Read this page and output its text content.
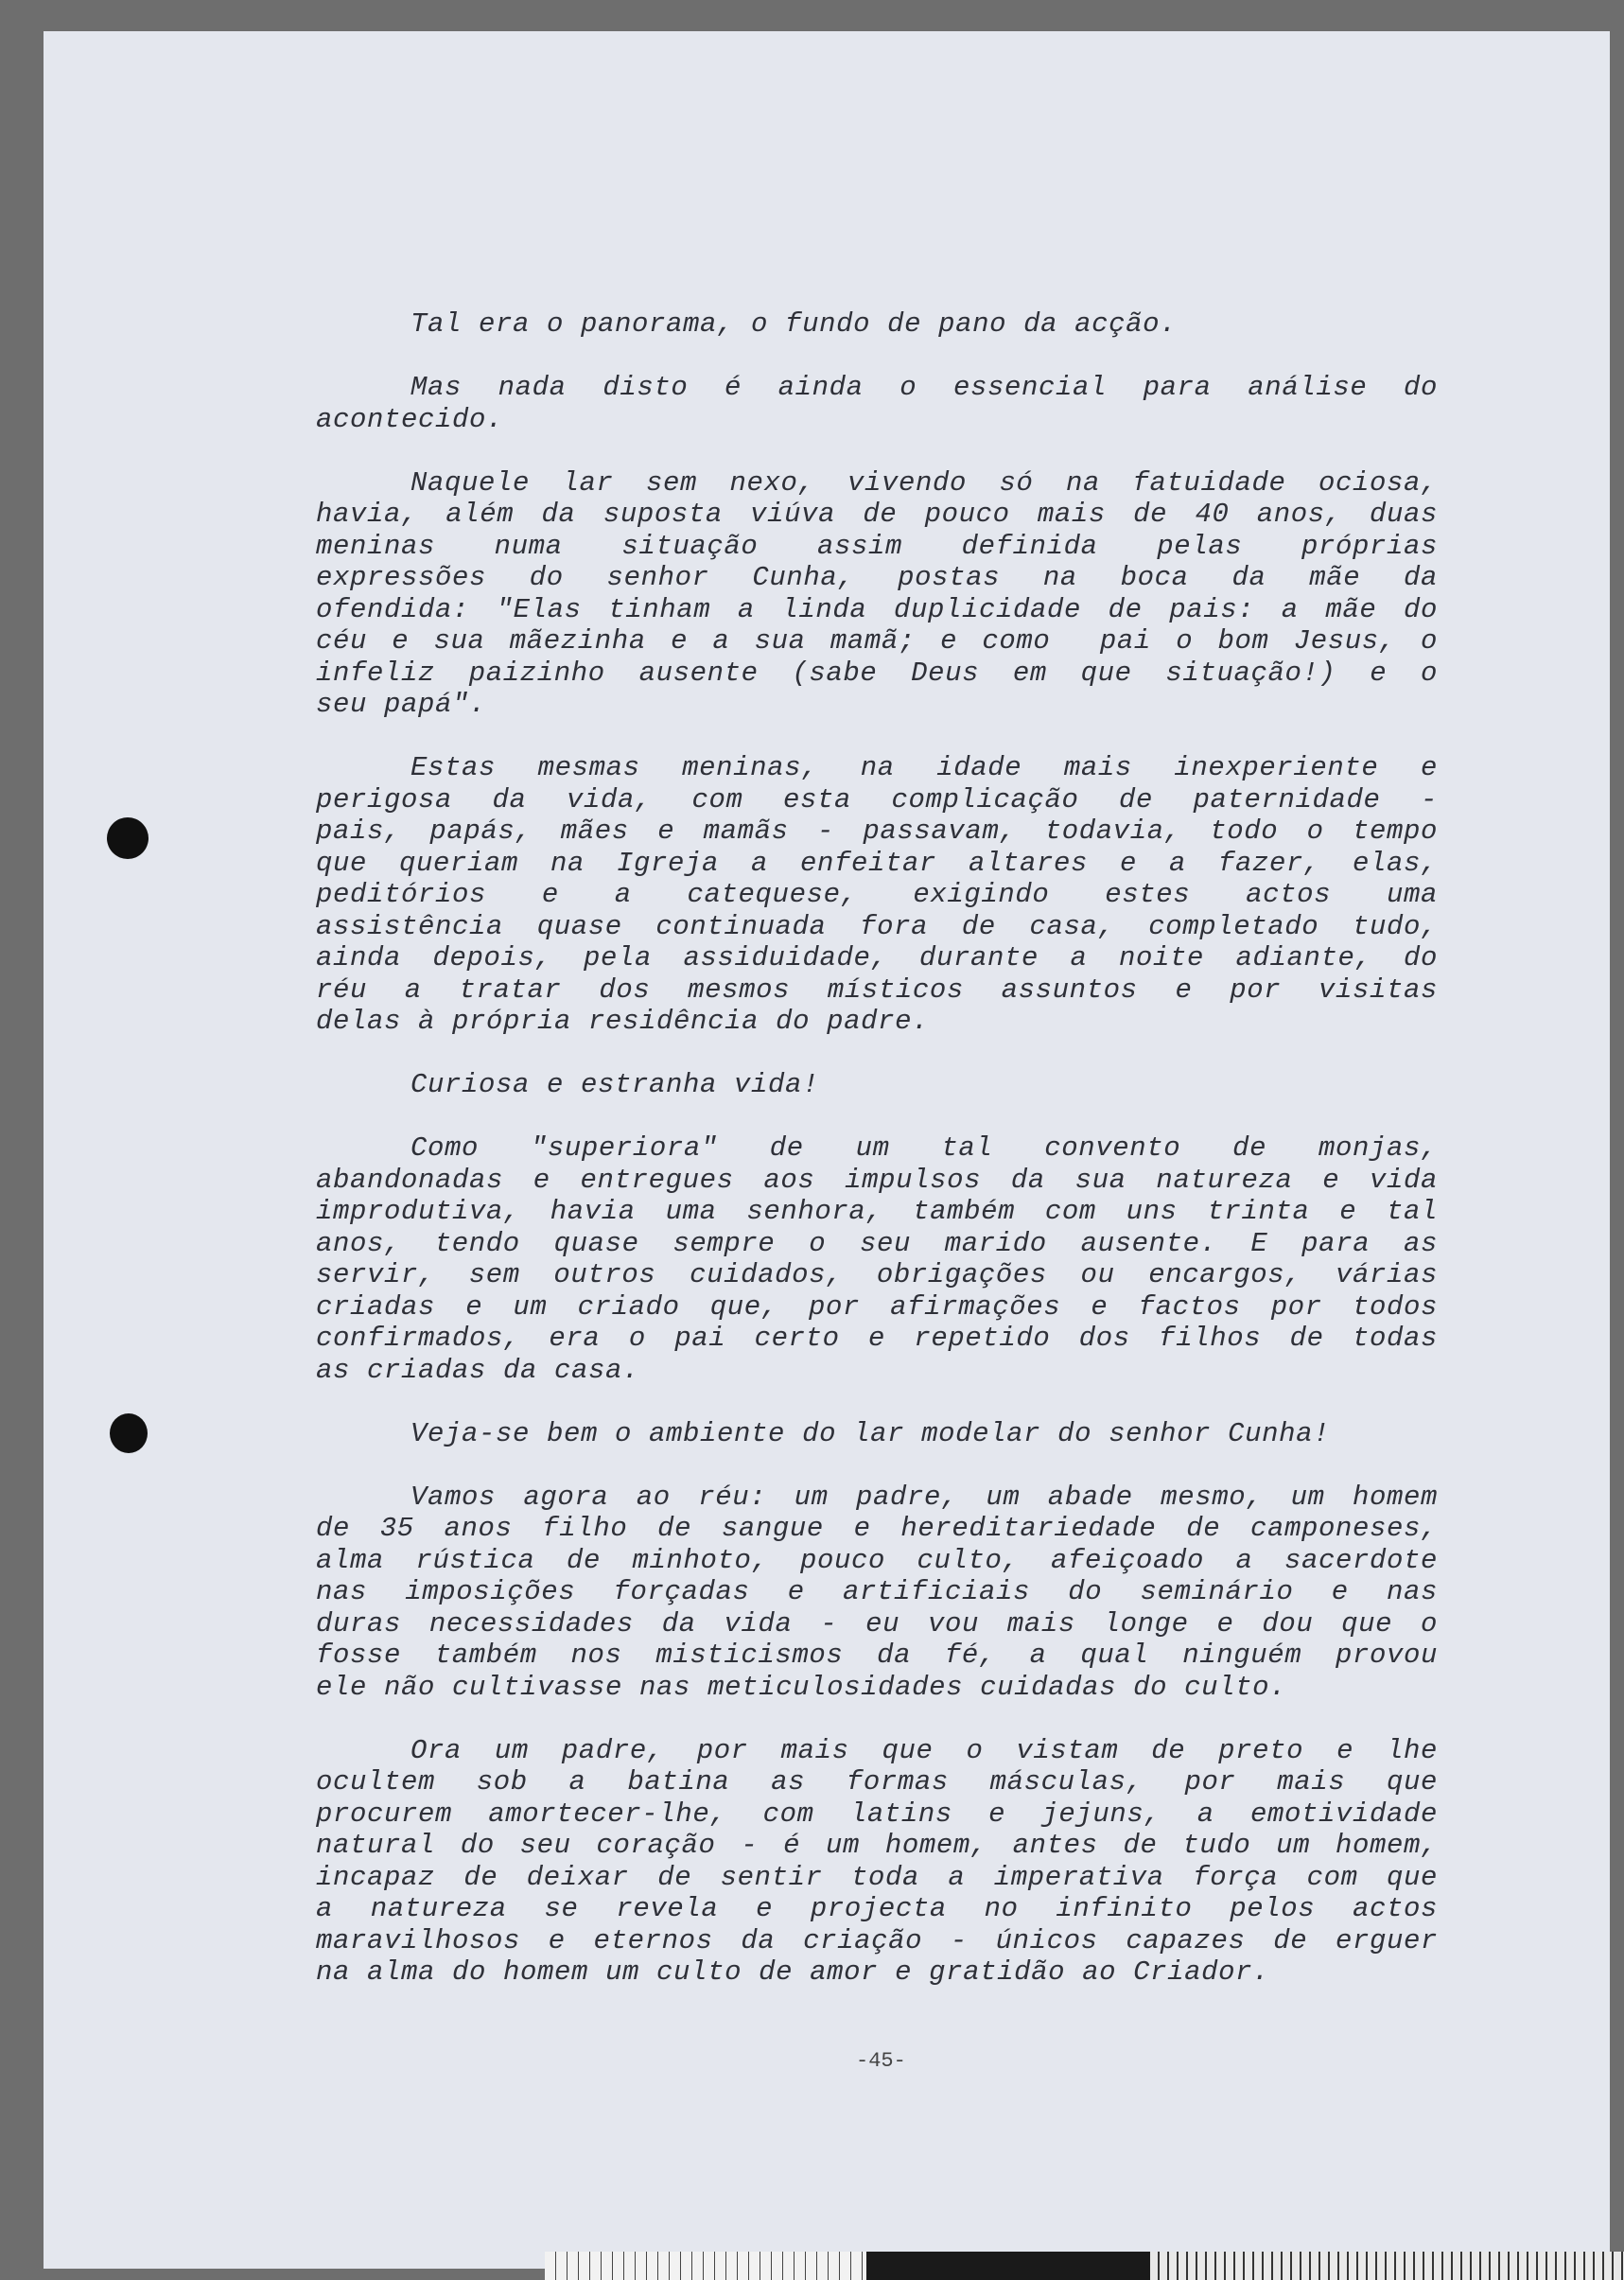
Tal era o panorama, o fundo de pano da acção.
Mas nada disto é ainda o essencial para análise do
acontecido.
Naquele lar sem nexo, vivendo só na fatuidade ociosa,
havia, além da suposta viúva de pouco mais de 40 anos, duas
meninas numa situação assim definida pelas próprias
expressões do senhor Cunha, postas na boca da mãe da
ofendida: "Elas tinham a linda duplicidade de pais: a mãe do
céu e sua mãezinha e a sua mamã; e como  pai o bom Jesus, o
infeliz paizinho ausente (sabe Deus em que situação!) e o
seu papá".
Estas mesmas meninas, na idade mais inexperiente e
perigosa da vida, com esta complicação de paternidade -
pais, papás, mães e mamãs - passavam, todavia, todo o tempo
que queriam na Igreja a enfeitar altares e a fazer, elas,
peditórios e a catequese, exigindo estes actos uma
assistência quase continuada fora de casa, completado tudo,
ainda depois, pela assiduidade, durante a noite adiante, do
réu a tratar dos mesmos místicos assuntos e por visitas
delas à própria residência do padre.
Curiosa e estranha vida!
Como "superiora" de um tal convento de monjas,
abandonadas e entregues aos impulsos da sua natureza e vida
improdutiva, havia uma senhora, também com uns trinta e tal
anos, tendo quase sempre o seu marido ausente. E para as
servir, sem outros cuidados, obrigações ou encargos, várias
criadas e um criado que, por afirmações e factos por todos
confirmados, era o pai certo e repetido dos filhos de todas
as criadas da casa.
Veja-se bem o ambiente do lar modelar do senhor Cunha!
Vamos agora ao réu: um padre, um abade mesmo, um homem
de 35 anos filho de sangue e hereditariedade de camponeses,
alma rústica de minhoto, pouco culto, afeiçoado a sacerdote
nas imposições forçadas e artificiais do seminário e nas
duras necessidades da vida - eu vou mais longe e dou que o
fosse também nos misticismos da fé, a qual ninguém provou
ele não cultivasse nas meticulosidades cuidadas do culto.
Ora um padre, por mais que o vistam de preto e lhe
ocultem sob a batina as formas másculas, por mais que
procurem amortecer-lhe, com latins e jejuns, a emotividade
natural do seu coração - é um homem, antes de tudo um homem,
incapaz de deixar de sentir toda a imperativa força com que
a natureza se revela e projecta no infinito pelos actos
maravilhosos e eternos da criação - únicos capazes de erguer
na alma do homem um culto de amor e gratidão ao Criador.
-45-
